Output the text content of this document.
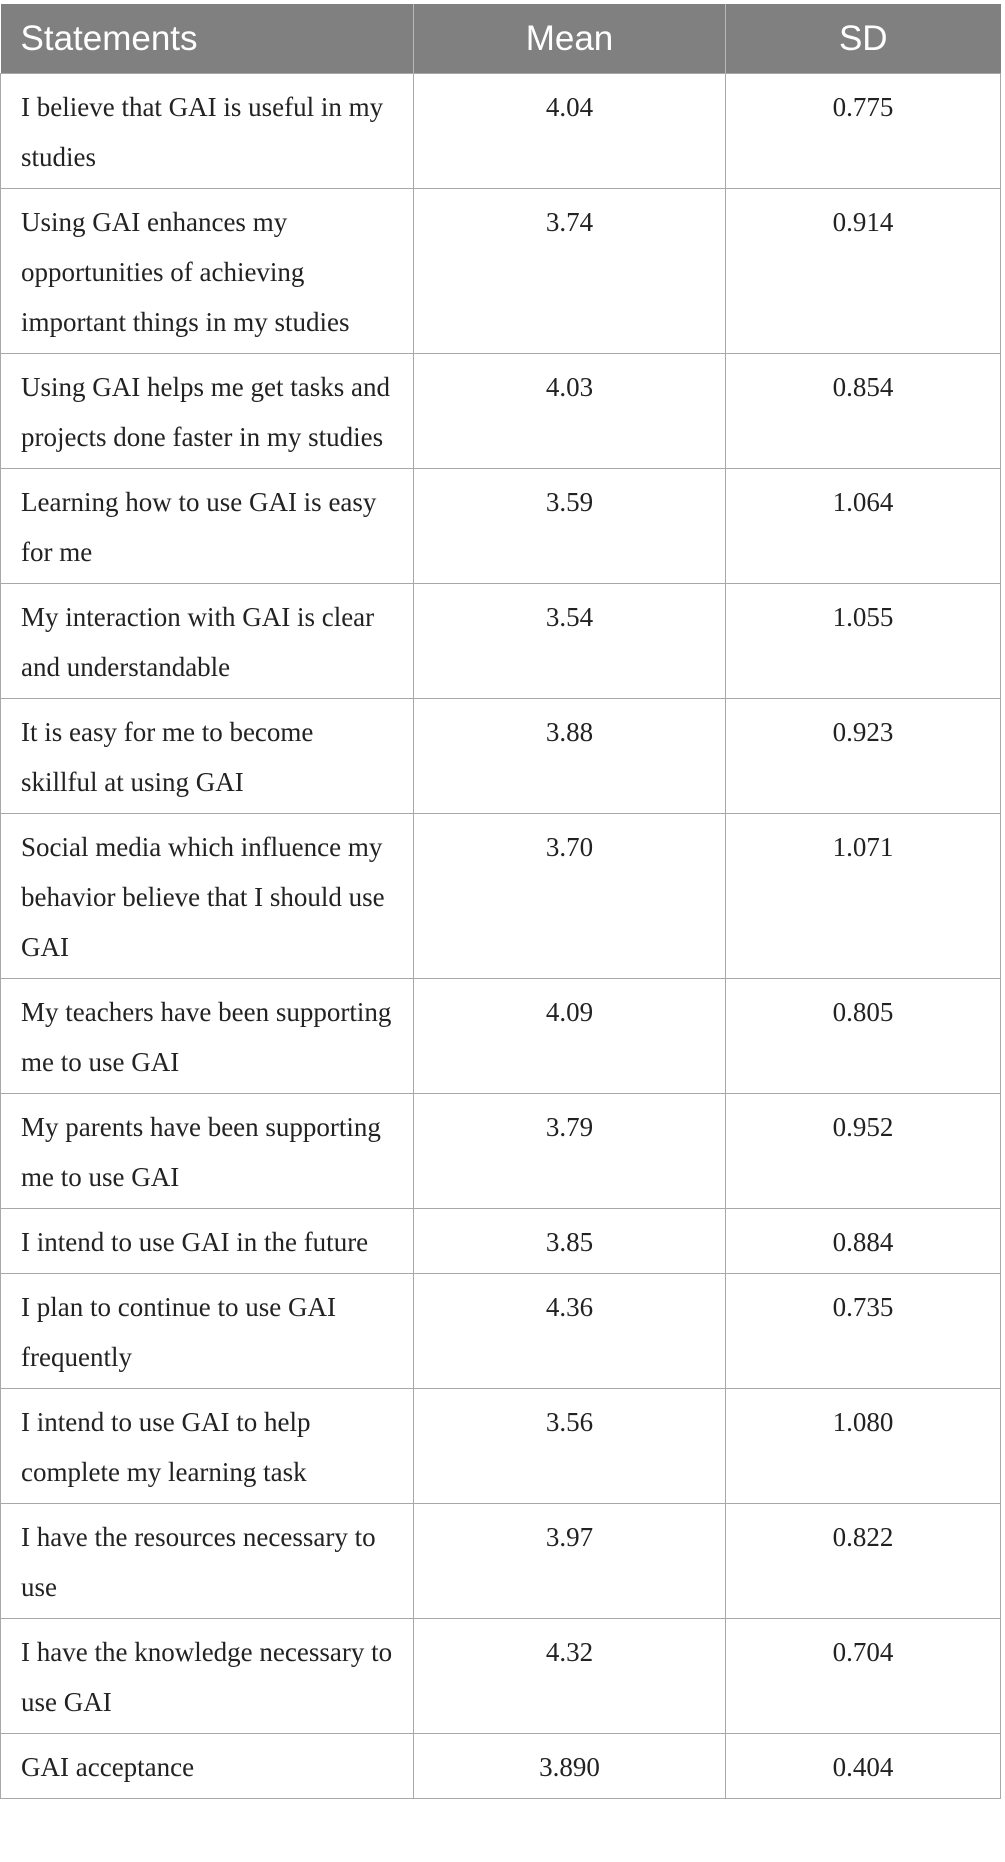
Statements	Mean	SD
I believe that GAI is useful in my studies	4.04	0.775
Using GAI enhances my opportunities of achieving important things in my studies	3.74	0.914
Using GAI helps me get tasks and projects done faster in my studies	4.03	0.854
Learning how to use GAI is easy for me	3.59	1.064
My interaction with GAI is clear and understandable	3.54	1.055
It is easy for me to become skillful at using GAI	3.88	0.923
Social media which influence my behavior believe that I should use GAI	3.70	1.071
My teachers have been supporting me to use GAI	4.09	0.805
My parents have been supporting me to use GAI	3.79	0.952
I intend to use GAI in the future	3.85	0.884
I plan to continue to use GAI frequently	4.36	0.735
I intend to use GAI to help complete my learning task	3.56	1.080
I have the resources necessary to use	3.97	0.822
I have the knowledge necessary to use GAI	4.32	0.704
GAI acceptance	3.890	0.404
